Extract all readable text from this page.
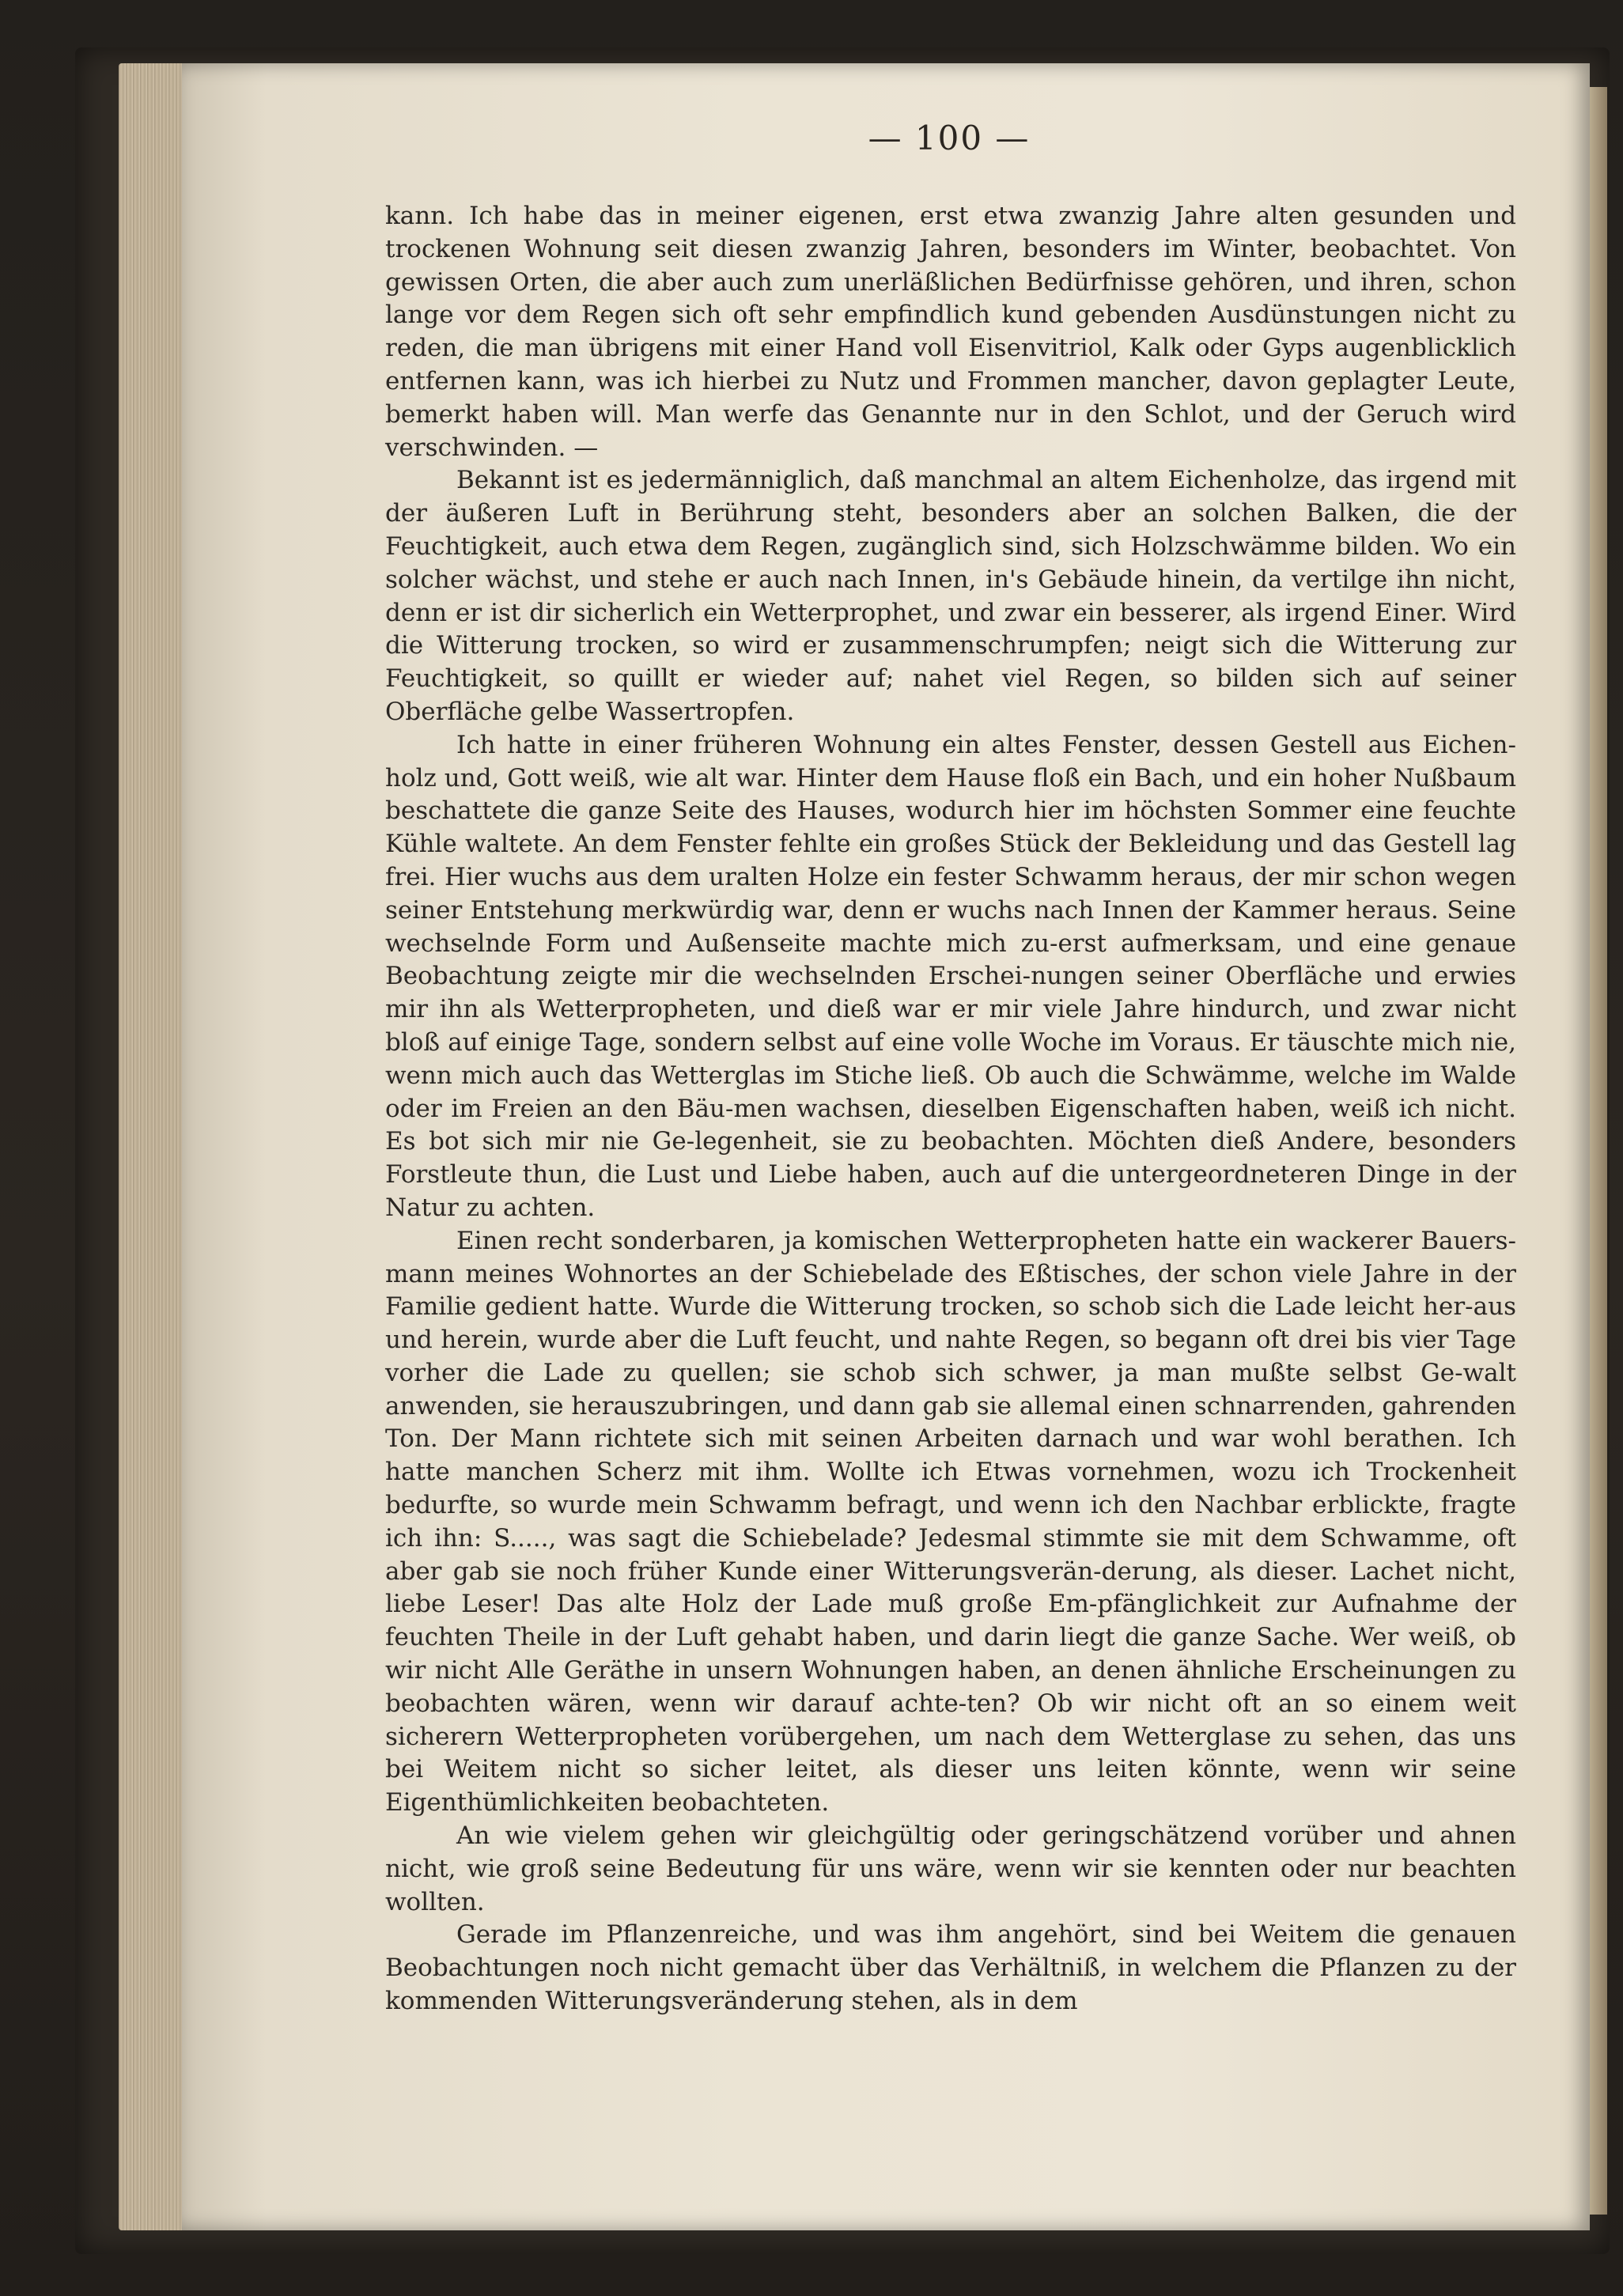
— 100 —

kann. Ich habe das in meiner eigenen, erst etwa zwanzig Jahre alten gesunden und trockenen Wohnung seit diesen zwanzig Jahren, besonders im Winter, beobachtet. Von gewissen Orten, die aber auch zum unerläßlichen Bedürfnisse gehören, und ihren, schon lange vor dem Regen sich oft sehr empfindlich kund gebenden Ausdünstungen nicht zu reden, die man übrigens mit einer Hand voll Eisenvitriol, Kalk oder Gyps augenblicklich entfernen kann, was ich hierbei zu Nutz und Frommen mancher, davon geplagter Leute, bemerkt haben will. Man werfe das Genannte nur in den Schlot, und der Geruch wird verschwinden. —

Bekannt ist es jedermänniglich, daß manchmal an altem Eichenholze, das irgend mit der äußeren Luft in Berührung steht, besonders aber an solchen Balken, die der Feuchtigkeit, auch etwa dem Regen, zugänglich sind, sich Holzschwämme bilden. Wo ein solcher wächst, und stehe er auch nach Innen, in's Gebäude hinein, da vertilge ihn nicht, denn er ist dir sicherlich ein Wetterprophet, und zwar ein besserer, als irgend Einer. Wird die Witterung trocken, so wird er zusammenschrumpfen; neigt sich die Witterung zur Feuchtigkeit, so quillt er wieder auf; nahet viel Regen, so bilden sich auf seiner Oberfläche gelbe Wassertropfen.

Ich hatte in einer früheren Wohnung ein altes Fenster, dessen Gestell aus Eichen-holz und, Gott weiß, wie alt war. Hinter dem Hause floß ein Bach, und ein hoher Nußbaum beschattete die ganze Seite des Hauses, wodurch hier im höchsten Sommer eine feuchte Kühle waltete. An dem Fenster fehlte ein großes Stück der Bekleidung und das Gestell lag frei. Hier wuchs aus dem uralten Holze ein fester Schwamm heraus, der mir schon wegen seiner Entstehung merkwürdig war, denn er wuchs nach Innen der Kammer heraus. Seine wechselnde Form und Außenseite machte mich zu-erst aufmerksam, und eine genaue Beobachtung zeigte mir die wechselnden Erschei-nungen seiner Oberfläche und erwies mir ihn als Wetterpropheten, und dieß war er mir viele Jahre hindurch, und zwar nicht bloß auf einige Tage, sondern selbst auf eine volle Woche im Voraus. Er täuschte mich nie, wenn mich auch das Wetterglas im Stiche ließ. Ob auch die Schwämme, welche im Walde oder im Freien an den Bäu-men wachsen, dieselben Eigenschaften haben, weiß ich nicht. Es bot sich mir nie Ge-legenheit, sie zu beobachten. Möchten dieß Andere, besonders Forstleute thun, die Lust und Liebe haben, auch auf die untergeordneteren Dinge in der Natur zu achten.

Einen recht sonderbaren, ja komischen Wetterpropheten hatte ein wackerer Bauers-mann meines Wohnortes an der Schiebelade des Eßtisches, der schon viele Jahre in der Familie gedient hatte. Wurde die Witterung trocken, so schob sich die Lade leicht her-aus und herein, wurde aber die Luft feucht, und nahte Regen, so begann oft drei bis vier Tage vorher die Lade zu quellen; sie schob sich schwer, ja man mußte selbst Ge-walt anwenden, sie herauszubringen, und dann gab sie allemal einen schnarrenden, gahrenden Ton. Der Mann richtete sich mit seinen Arbeiten darnach und war wohl berathen. Ich hatte manchen Scherz mit ihm. Wollte ich Etwas vornehmen, wozu ich Trockenheit bedurfte, so wurde mein Schwamm befragt, und wenn ich den Nachbar erblickte, fragte ich ihn: S....., was sagt die Schiebelade? Jedesmal stimmte sie mit dem Schwamme, oft aber gab sie noch früher Kunde einer Witterungsverän-derung, als dieser. Lachet nicht, liebe Leser! Das alte Holz der Lade muß große Em-pfänglichkeit zur Aufnahme der feuchten Theile in der Luft gehabt haben, und darin liegt die ganze Sache. Wer weiß, ob wir nicht Alle Geräthe in unsern Wohnungen haben, an denen ähnliche Erscheinungen zu beobachten wären, wenn wir darauf achte-ten? Ob wir nicht oft an so einem weit sicherern Wetterpropheten vorübergehen, um nach dem Wetterglase zu sehen, das uns bei Weitem nicht so sicher leitet, als dieser uns leiten könnte, wenn wir seine Eigenthümlichkeiten beobachteten.

An wie vielem gehen wir gleichgültig oder geringschätzend vorüber und ahnen nicht, wie groß seine Bedeutung für uns wäre, wenn wir sie kennten oder nur beachten wollten.

Gerade im Pflanzenreiche, und was ihm angehört, sind bei Weitem die genauen Beobachtungen noch nicht gemacht über das Verhältniß, in welchem die Pflanzen zu der kommenden Witterungsveränderung stehen, als in dem
